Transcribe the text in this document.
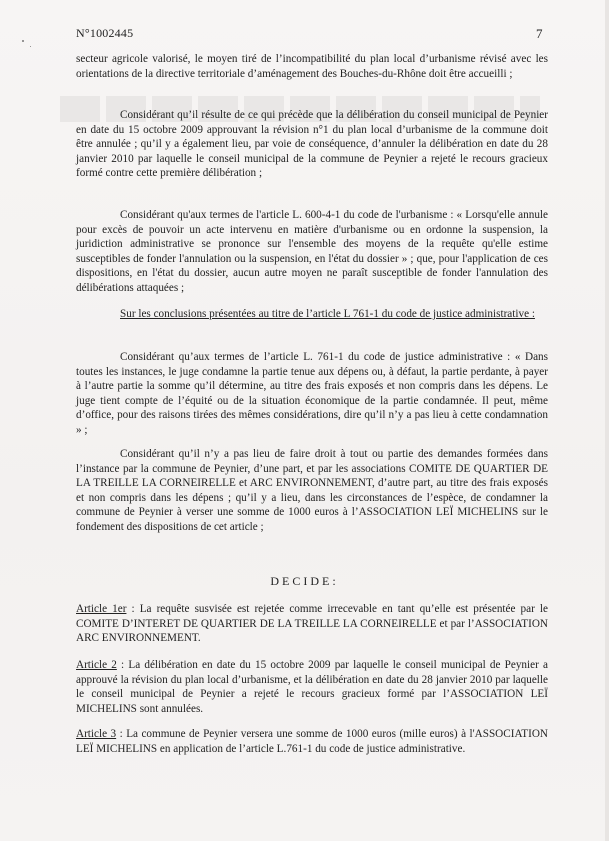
N°1002445	7

secteur agricole valorisé, le moyen tiré de l’incompatibilité du plan local d’urbanisme révisé avec les orientations de la directive territoriale d’aménagement des Bouches-du-Rhône doit être accueilli ;

Considérant qu’il résulte de ce qui précède que la délibération du conseil municipal de Peynier en date du 15 octobre 2009 approuvant la révision n°1 du plan local d’urbanisme de la commune doit être annulée ; qu’il y a également lieu, par voie de conséquence, d’annuler la délibération en date du 28 janvier 2010 par laquelle le conseil municipal de la commune de Peynier a rejeté le recours gracieux formé contre cette première délibération ;

Considérant qu'aux termes de l'article L. 600-4-1 du code de l'urbanisme : « Lorsqu'elle annule pour excès de pouvoir un acte intervenu en matière d'urbanisme ou en ordonne la suspension, la juridiction administrative se prononce sur l'ensemble des moyens de la requête qu'elle estime susceptibles de fonder l'annulation ou la suspension, en l'état du dossier » ; que, pour l'application de ces dispositions, en l'état du dossier, aucun autre moyen ne paraît susceptible de fonder l'annulation des délibérations attaquées ;

Sur les conclusions présentées au titre de l’article L 761-1 du code de justice administrative :

Considérant qu’aux termes de l’article L. 761-1 du code de justice administrative : « Dans toutes les instances, le juge condamne la partie tenue aux dépens ou, à défaut, la partie perdante, à payer à l’autre partie la somme qu’il détermine, au titre des frais exposés et non compris dans les dépens. Le juge tient compte de l’équité ou de la situation économique de la partie condamnée. Il peut, même d’office, pour des raisons tirées des mêmes considérations, dire qu’il n’y a pas lieu à cette condamnation » ;

Considérant qu’il n’y a pas lieu de faire droit à tout ou partie des demandes formées dans l’instance par la commune de Peynier, d’une part, et par les associations COMITE DE QUARTIER DE LA TREILLE LA CORNEIRELLE et ARC ENVIRONNEMENT, d’autre part, au titre des frais exposés et non compris dans les dépens ; qu’il y a lieu, dans les circonstances de l’espèce, de condamner la commune de Peynier à verser une somme de 1000 euros à l’ASSOCIATION LEÏ MICHELINS sur le fondement des dispositions de cet article ;

DECIDE:

Article 1er : La requête susvisée est rejetée comme irrecevable en tant qu’elle est présentée par le COMITE D’INTERET DE QUARTIER DE LA TREILLE LA CORNEIRELLE et par l’ASSOCIATION ARC ENVIRONNEMENT.

Article 2 : La délibération en date du 15 octobre 2009 par laquelle le conseil municipal de Peynier a approuvé la révision du plan local d’urbanisme, et la délibération en date du 28 janvier 2010 par laquelle le conseil municipal de Peynier a rejeté le recours gracieux formé par l’ASSOCIATION LEÏ MICHELINS sont annulées.

Article 3 : La commune de Peynier versera une somme de 1000 euros (mille euros) à l'ASSOCIATION LEÏ MICHELINS en application de l’article L.761-1 du code de justice administrative.
